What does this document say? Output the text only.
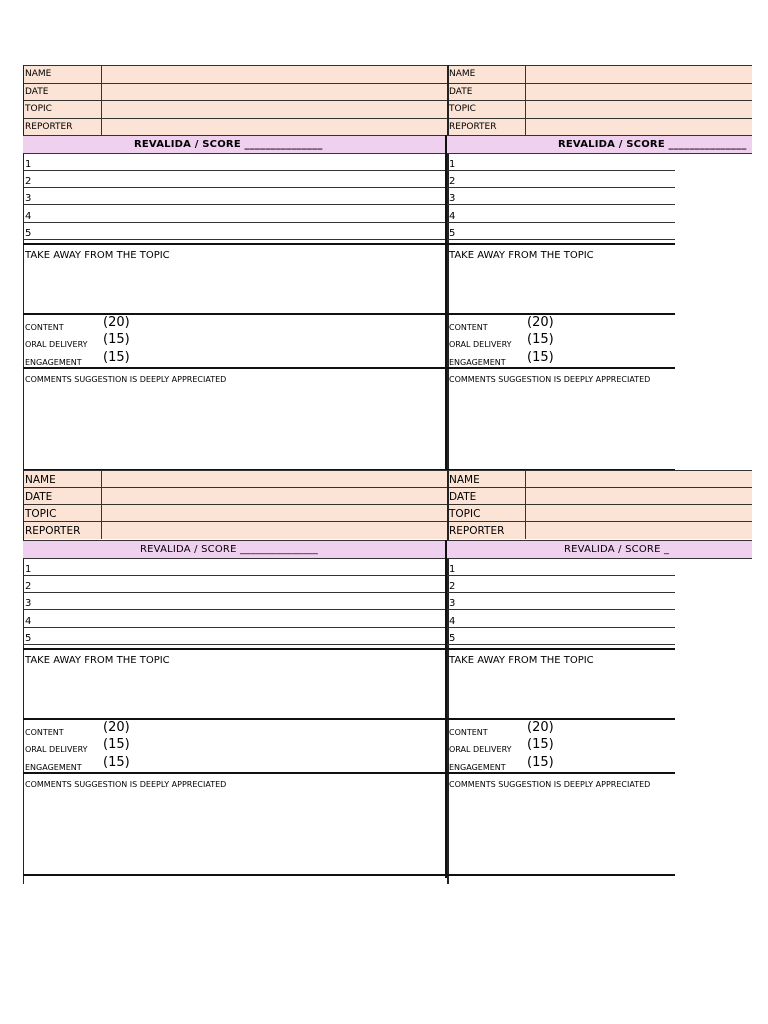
NAME
DATE
TOPIC
REPORTER
REVALIDA / SCORE _______________
1
2
3
4
5
TAKE AWAY FROM THE TOPIC
CONTENT	(20)
ORAL DELIVERY (15)
ENGAGEMENT (15)
COMMENTS SUGGESTION IS DEEPLY APPRECIATED
NAME
DATE
TOPIC
REPORTER
REVALIDA / SCORE _______________
1
2
3
4
5
TAKE AWAY FROM THE TOPIC
CONTENT	(20)
ORAL DELIVERY (15)
ENGAGEMENT (15)
COMMENTS SUGGESTION IS DEEPLY APPRECIATED
NAME
DATE
TOPIC
REPORTER
REVALIDA / SCORE _______________
1
2
3
4
5
TAKE AWAY FROM THE TOPIC
CONTENT	(20)
ORAL DELIVERY (15)
ENGAGEMENT (15)
COMMENTS SUGGESTION IS DEEPLY APPRECIATED
NAME
DATE
TOPIC
REPORTER
REVALIDA / SCORE _
1
2
3
4
5
TAKE AWAY FROM THE TOPIC
CONTENT	(20)
ORAL DELIVERY (15)
ENGAGEMENT (15)
COMMENTS SUGGESTION IS DEEPLY APPRECIATED
